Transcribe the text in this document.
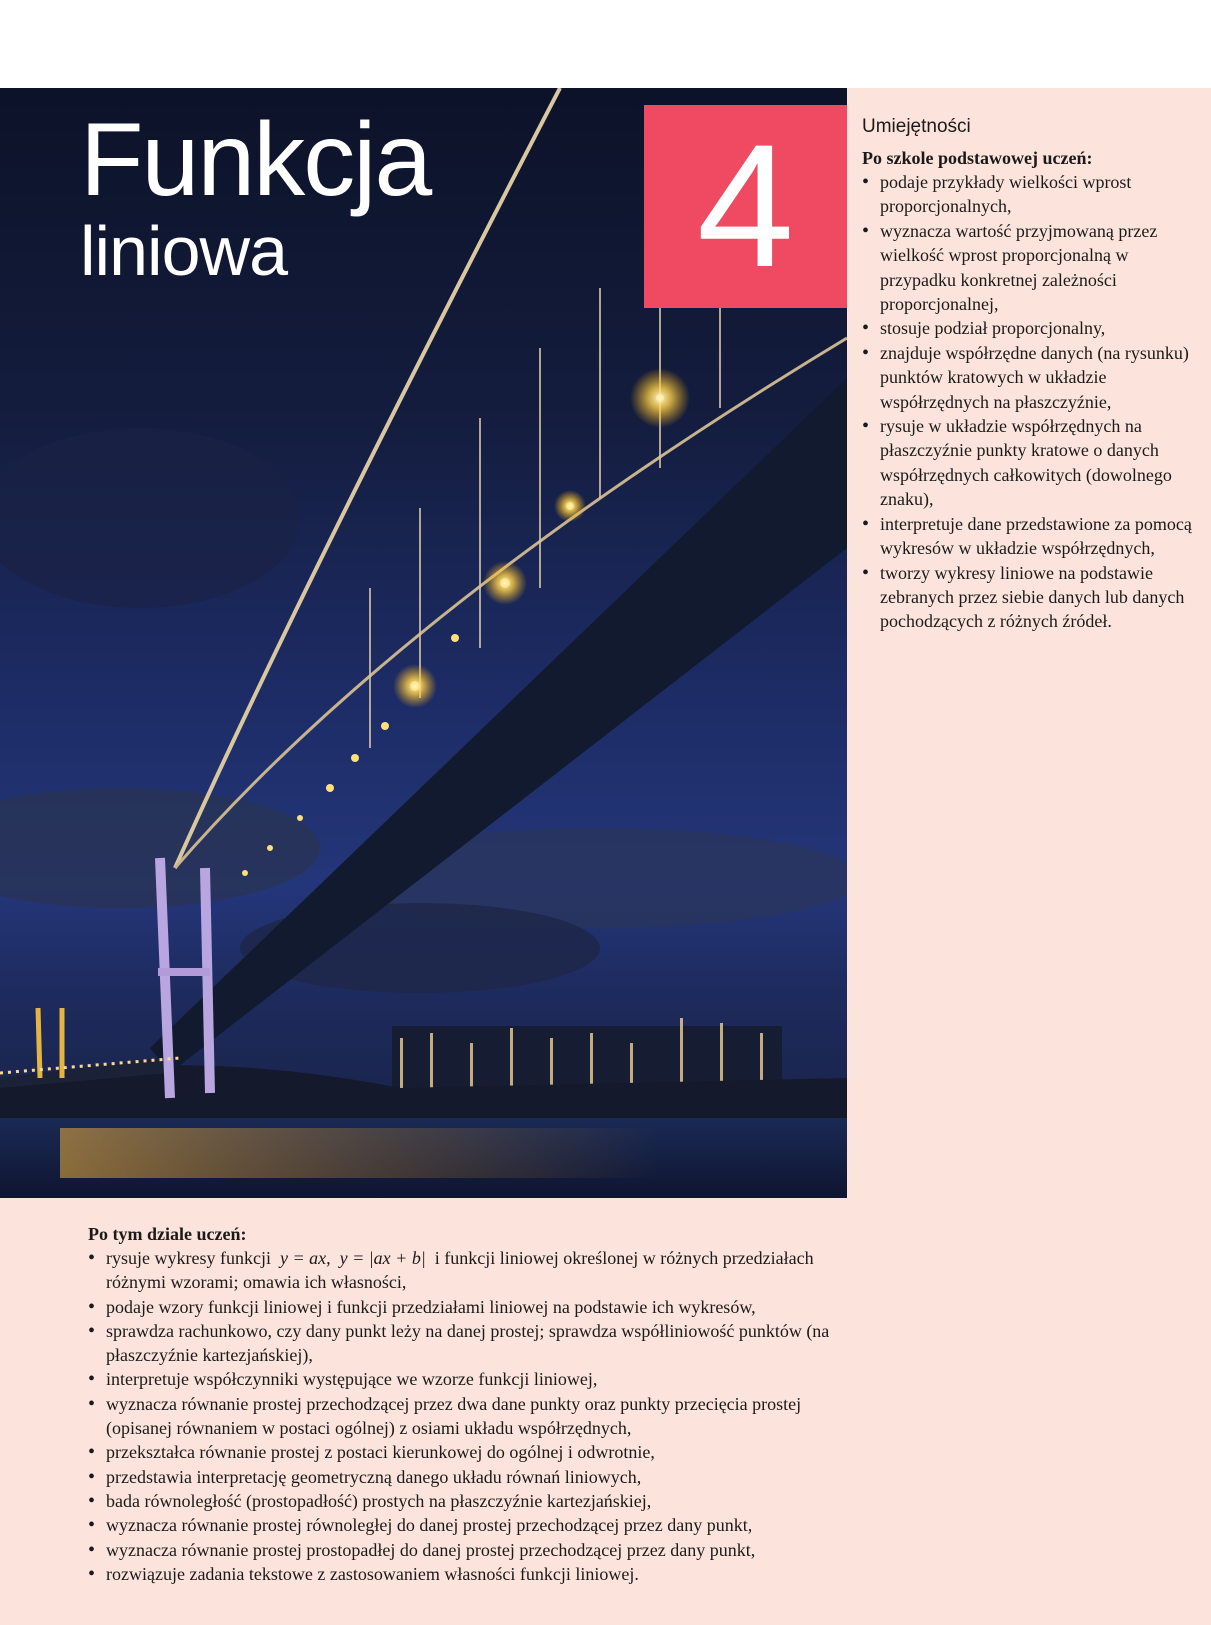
Funkcja
liniowa 4	Umiejętności

Po szkole podstawowej uczeń:

• podaje przykłady wielkości wprost proporcjonalnych,
• wyznacza wartość przyjmowaną przez wielkość wprost proporcjonalną w przypadku konkretnej zależności proporcjonalnej,
• stosuje podział proporcjonalny,
• znajduje współrzędne danych (na rysunku) punktów kratowych w układzie współrzędnych na płaszczyźnie,
• rysuje w układzie współrzędnych na płaszczyźnie punkty kratowe o danych współrzędnych całkowitych (dowolnego znaku),
• interpretuje dane przedstawione za pomocą wykresów w układzie współrzędnych,
• tworzy wykresy liniowe na podstawie zebranych przez siebie danych lub danych pochodzących z różnych źródeł.

Po tym dziale uczeń:

• rysuje wykresy funkcji y = ax, y = |ax + b| i funkcji liniowej określonej w różnych przedziałach różnymi wzorami; omawia ich własności,
• podaje wzory funkcji liniowej i funkcji przedziałami liniowej na podstawie ich wykresów,
• sprawdza rachunkowo, czy dany punkt leży na danej prostej; sprawdza współliniowość punktów (na płaszczyźnie kartezjańskiej),
• interpretuje współczynniki występujące we wzorze funkcji liniowej,
• wyznacza równanie prostej przechodzącej przez dwa dane punkty oraz punkty przecięcia prostej (opisanej równaniem w postaci ogólnej) z osiami układu współrzędnych,
• przekształca równanie prostej z postaci kierunkowej do ogólnej i odwrotnie,
• przedstawia interpretację geometryczną danego układu równań liniowych,
• bada równoległość (prostopadłość) prostych na płaszczyźnie kartezjańskiej,
• wyznacza równanie prostej równoległej do danej prostej przechodzącej przez dany punkt,
• wyznacza równanie prostej prostopadłej do danej prostej przechodzącej przez dany punkt,
• rozwiązuje zadania tekstowe z zastosowaniem własności funkcji liniowej.
